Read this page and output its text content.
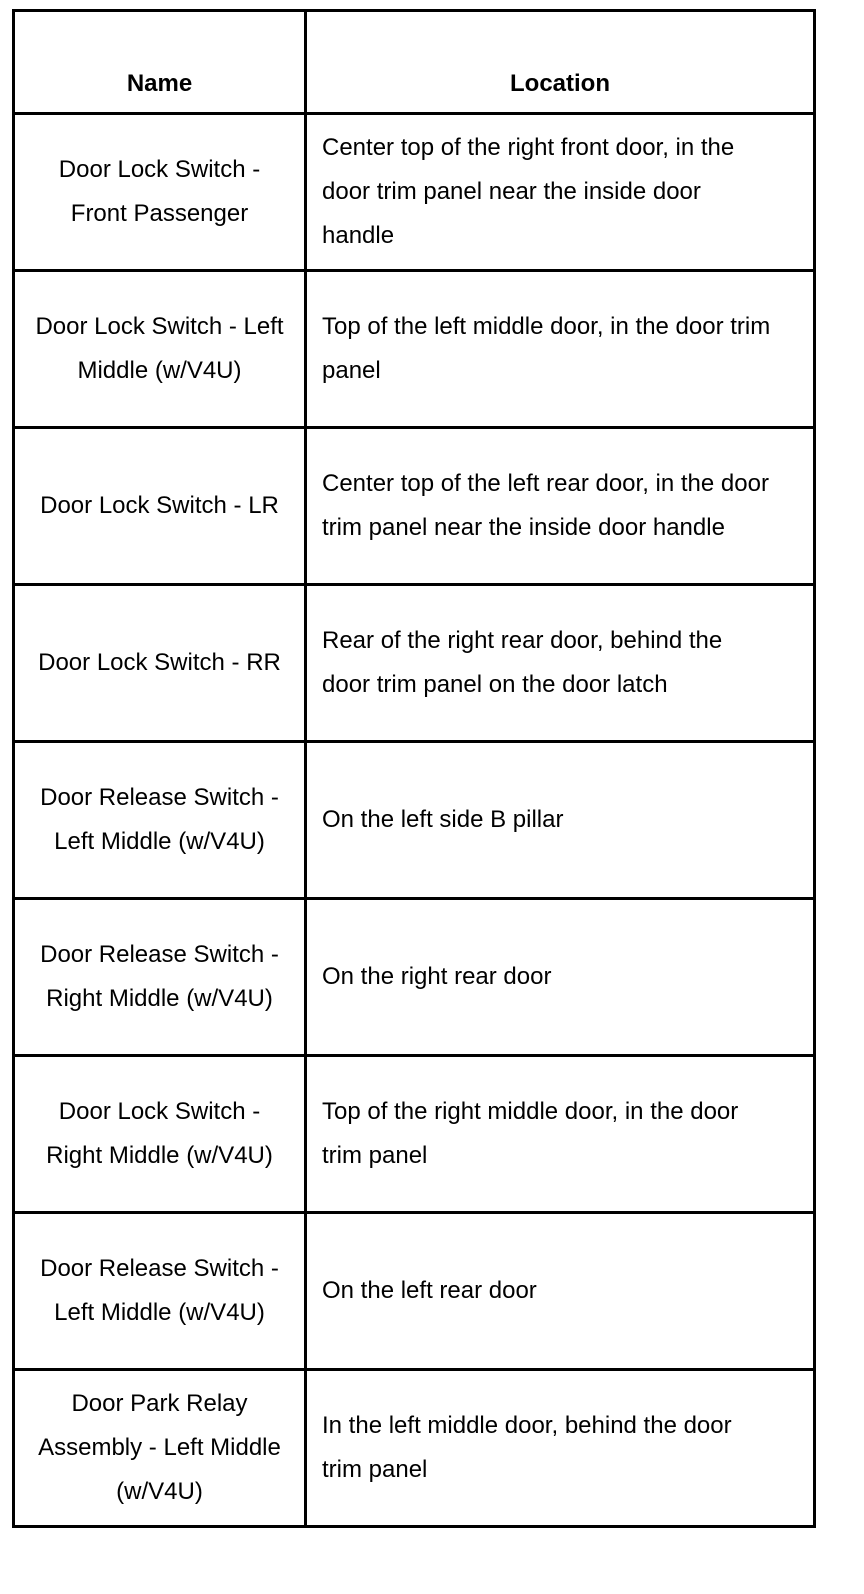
Name	Location
Door Lock Switch - Front Passenger	Center top of the right front door, in the door trim panel near the inside door handle
Door Lock Switch - Left Middle (w/V4U)	Top of the left middle door, in the door trim panel
Door Lock Switch - LR	Center top of the left rear door, in the door trim panel near the inside door handle
Door Lock Switch - RR	Rear of the right rear door, behind the door trim panel on the door latch
Door Release Switch - Left Middle (w/V4U)	On the left side B pillar
Door Release Switch - Right Middle (w/V4U)	On the right rear door
Door Lock Switch - Right Middle (w/V4U)	Top of the right middle door, in the door trim panel
Door Release Switch - Left Middle (w/V4U)	On the left rear door
Door Park Relay Assembly - Left Middle (w/V4U)	In the left middle door, behind the door trim panel
